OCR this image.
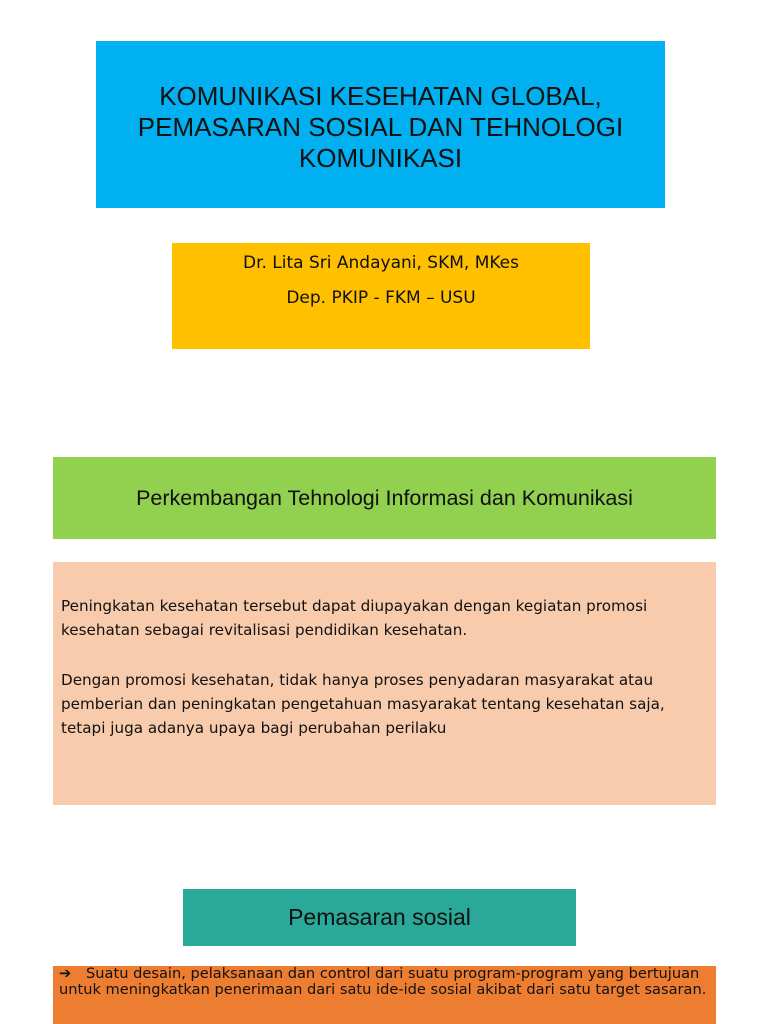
KOMUNIKASI KESEHATAN GLOBAL,
PEMASARAN SOSIAL DAN TEHNOLOGI
KOMUNIKASI
Dr. Lita Sri Andayani, SKM, MKes
Dep. PKIP - FKM – USU
Perkembangan Tehnologi Informasi dan Komunikasi

Peningkatan kesehatan tersebut dapat diupayakan dengan kegiatan promosi kesehatan sebagai revitalisasi pendidikan kesehatan.

Dengan promosi kesehatan, tidak hanya proses penyadaran masyarakat atau pemberian dan peningkatan pengetahuan masyarakat tentang kesehatan saja, tetapi juga adanya upaya bagi perubahan perilaku

Pemasaran sosial
➔   Suatu desain, pelaksanaan dan control dari suatu program-program yang bertujuan untuk meningkatkan penerimaan dari satu ide-ide sosial akibat dari satu target sasaran.
